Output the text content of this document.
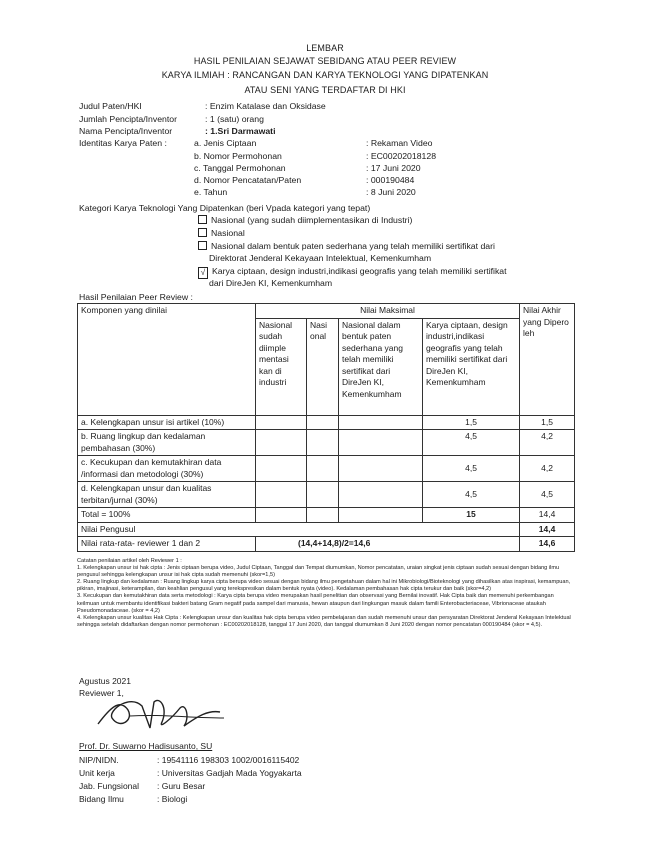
LEMBAR
HASIL PENILAIAN SEJAWAT SEBIDANG ATAU PEER REVIEW
KARYA ILMIAH : RANCANGAN DAN KARYA TEKNOLOGI YANG DIPATENKAN
ATAU SENI YANG TERDAFTAR DI HKI
Judul Paten/HKI	: Enzim Katalase dan Oksidase
Jumlah Pencipta/Inventor	: 1 (satu) orang
Nama Pencipta/Inventor	: 1.Sri Darmawati
Identitas Karya Paten :	a. Jenis Ciptaan	: Rekaman Video
b. Nomor Permohonan	: EC00202018128
c. Tanggal Permohonan	: 17 Juni 2020
d. Nomor Pencatatan/Paten	: 000190484
e. Tahun	: 8 Juni 2020
Kategori Karya Teknologi Yang Dipatenkan (beri Vpada kategori yang tepat)
Nasional (yang sudah diimplementasikan di Industri)
Nasional
Nasional dalam bentuk paten sederhana yang telah memiliki sertifikat dari
Direktorat Jenderal Kekayaan Intelektual, Kemenkumham
√ Karya ciptaan, design industri,indikasi geografis yang telah memiliki sertifikat
dari DireJen KI, Kemenkumham
Hasil Penilaian Peer Review :
Komponen yang dinilai	Nilai Maksimal				Nilai Akhir yang Dipero leh
	Nasional sudah diimple mentasi kan di industri	Nasi onal	Nasional dalam bentuk paten sederhana yang telah memiliki sertifikat dari DireJen KI, Kemenkumham	Karya ciptaan, design industri,indikasi geografis yang telah memiliki sertifikat dari DireJen KI, Kemenkumham	
a. Kelengkapan unsur isi artikel (10%)				1,5	1,5
b. Ruang lingkup dan kedalaman pembahasan (30%)				4,5	4,2
c. Kecukupan dan kemutakhiran data /informasi dan metodologi (30%)				4,5	4,2
d. Kelengkapan unsur dan kualitas terbitan/jurnal (30%)				4,5	4,5
Total = 100%				15	14,4
Nilai Pengusul					14,4
Nilai rata-rata- reviewer 1 dan 2	(14,4+14,8)/2=14,6				14,6
Catatan penilaian artikel oleh Reviewer 1 :
1. Kelengkapan unsur isi hak cipta : Jenis ciptaan berupa video, Judul Ciptaan, Tanggal dan Tempat diumumkan, Nomor pencatatan, uraian singkat jenis ciptaan sudah sesuai dengan bidang ilmu pengusul sehingga kelengkapan unsur isi hak cipta sudah memenuhi (skor=1,5)
2. Ruang lingkup dan kedalaman : Ruang lingkup karya cipta berupa video sesuai dengan bidang ilmu pengetahuan dalam hal ini Mikrobiologi/Bioteknologi yang dihasilkan atas inspirasi, kemampuan, pikiran, imajinasi, keterampilan, dan keahlian pengusul yang terekspresikan dalam bentuk nyata (video). Kedalaman pembahasan hak cipta terukur dan baik (skor=4,2)
3. Kecukupan dan kemutakhiran data serta metodologi : Karya cipta berupa video merupakan hasil penelitian dan observasi yang Bernilai inovatif. Hak Cipta baik dan memenuhi perkembangan keilmuan untuk membantu identifikasi bakteri batang Gram negatif pada sampel dari manusia, hewan ataupun dari lingkungan masuk dalam famili Enterobacteriaceae, Vibrionaceae ataukah Pseudomonadaceae. (skor = 4,2)
4. Kelengkapan unsur kualitas Hak Cipta : Kelengkapan unsur dan kualitas hak cipta berupa video pembelajaran dan sudah memenuhi unsur dan persyaratan Direktorat Jenderal Kekayaan Intelektual sehingga setelah didaftarkan dengan nomor permohonan : EC00202018128, tanggal 17 Juni 2020, dan tanggal diumumkan 8 Juni 2020 dengan nomor pencatatan 000190484 (skor = 4,5).
Agustus 2021
Reviewer 1,
Prof. Dr. Suwarno Hadisusanto, SU
NIP/NIDN.	: 19541116 198303 1002/0016115402
Unit kerja	: Universitas Gadjah Mada Yogyakarta
Jab. Fungsional : Guru Besar
Bidang Ilmu	: Biologi
